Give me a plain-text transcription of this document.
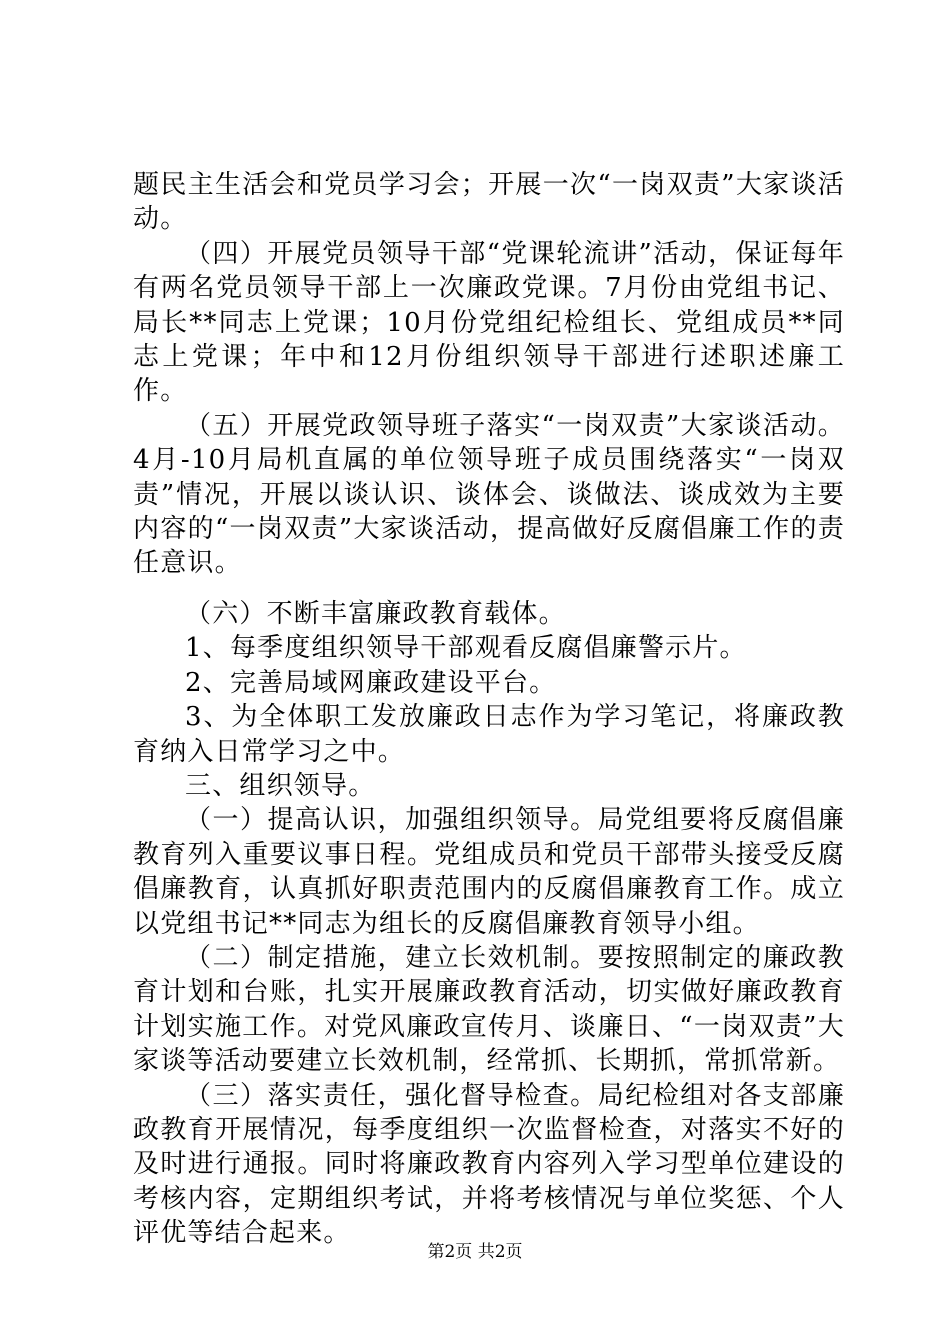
题民主生活会和党员学习会；开展一次“一岗双责”大家谈活动。

（四）开展党员领导干部“党课轮流讲”活动，保证每年有两名党员领导干部上一次廉政党课。7月份由党组书记、局长**同志上党课；10月份党组纪检组长、党组成员**同志上党课；年中和12月份组织领导干部进行述职述廉工作。

（五）开展党政领导班子落实“一岗双责”大家谈活动。4月-10月局机直属的单位领导班子成员围绕落实“一岗双责”情况，开展以谈认识、谈体会、谈做法、谈成效为主要内容的“一岗双责”大家谈活动，提高做好反腐倡廉工作的责任意识。

（六）不断丰富廉政教育载体。

1、每季度组织领导干部观看反腐倡廉警示片。

2、完善局域网廉政建设平台。

3、为全体职工发放廉政日志作为学习笔记，将廉政教育纳入日常学习之中。

三、组织领导。

（一）提高认识，加强组织领导。局党组要将反腐倡廉教育列入重要议事日程。党组成员和党员干部带头接受反腐倡廉教育，认真抓好职责范围内的反腐倡廉教育工作。成立以党组书记**同志为组长的反腐倡廉教育领导小组。

（二）制定措施，建立长效机制。要按照制定的廉政教育计划和台账，扎实开展廉政教育活动，切实做好廉政教育计划实施工作。对党风廉政宣传月、谈廉日、“一岗双责”大家谈等活动要建立长效机制，经常抓、长期抓，常抓常新。

（三）落实责任，强化督导检查。局纪检组对各支部廉政教育开展情况，每季度组织一次监督检查，对落实不好的及时进行通报。同时将廉政教育内容列入学习型单位建设的考核内容，定期组织考试，并将考核情况与单位奖惩、个人评优等结合起来。

第2页 共2页
